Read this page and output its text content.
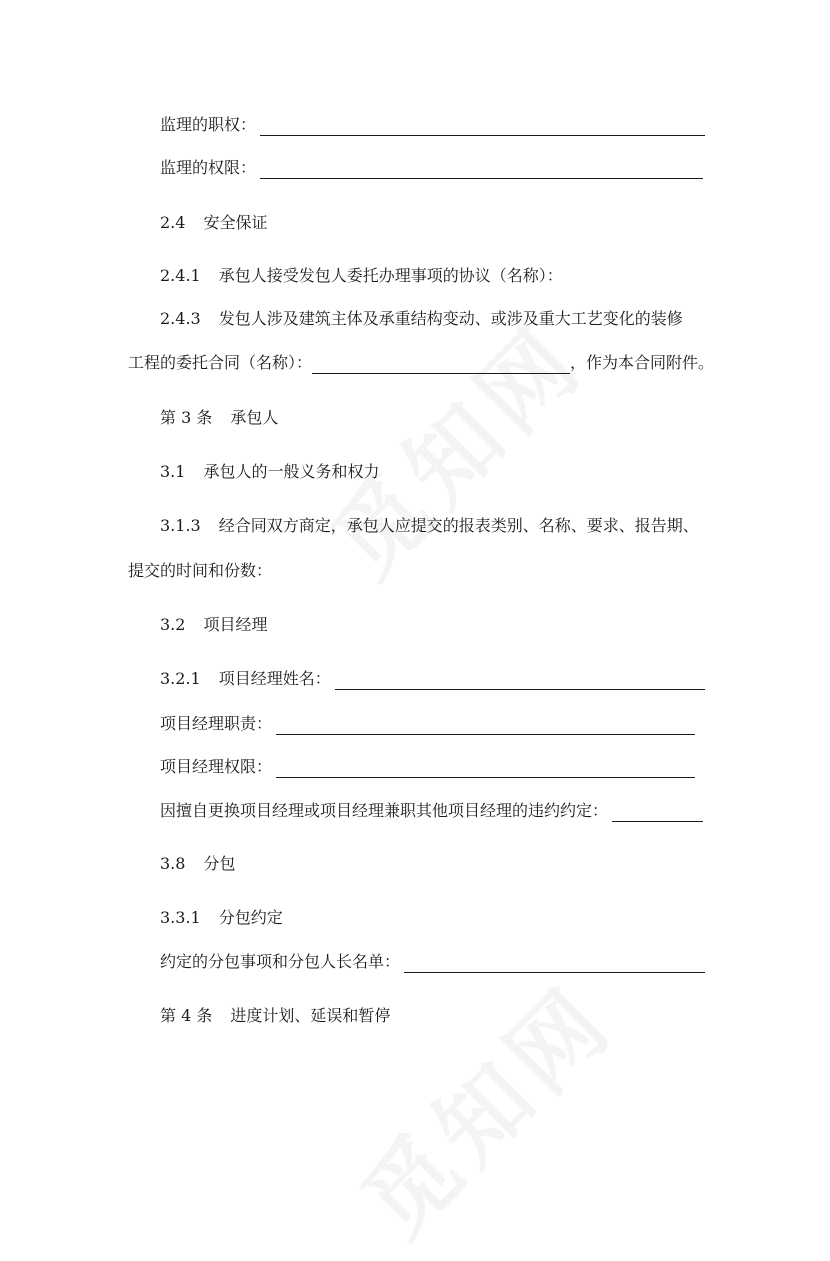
监理的职权：
监理的权限：
2.4 安全保证
2.4.1 承包人接受发包人委托办理事项的协议（名称）：
2.4.3 发包人涉及建筑主体及承重结构变动、或涉及重大工艺变化的装修
工程的委托合同（名称）：	，作为本合同附件。
第 3 条 承包人
3.1 承包人的一般义务和权力
3.1.3 经合同双方商定，承包人应提交的报表类别、名称、要求、报告期、
提交的时间和份数：
3.2 项目经理
3.2.1 项目经理姓名：
项目经理职责：
项目经理权限：
因擅自更换项目经理或项目经理兼职其他项目经理的违约约定：
3.8 分包
3.3.1 分包约定
约定的分包事项和分包人长名单：
第 4 条 进度计划、延误和暂停
